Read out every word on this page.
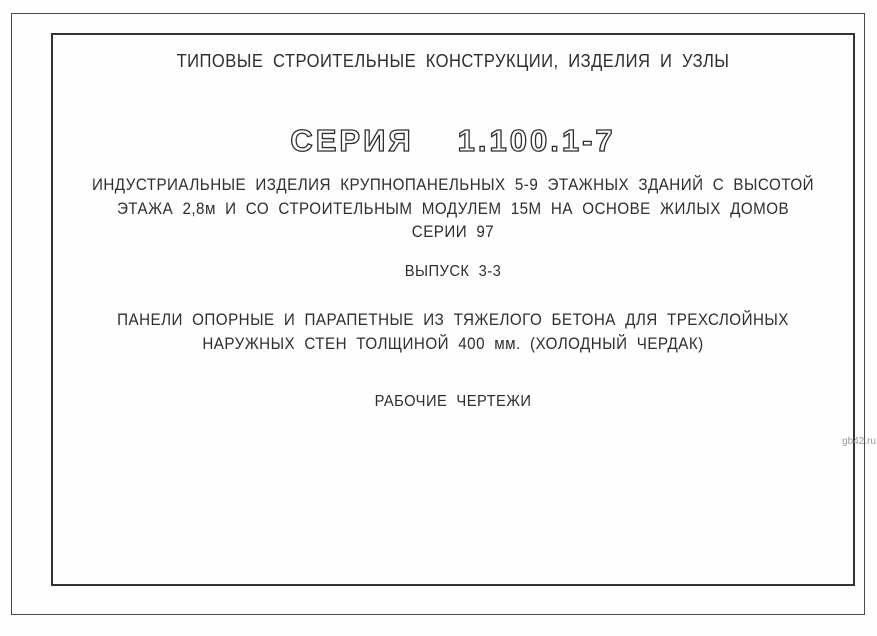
ТИПОВЫЕ СТРОИТЕЛЬНЫЕ КОНСТРУКЦИИ, ИЗДЕЛИЯ И УЗЛЫ
СЕРИЯ 1.100.1-7
ИНДУСТРИАЛЬНЫЕ ИЗДЕЛИЯ КРУПНОПАНЕЛЬНЫХ 5-9 ЭТАЖНЫХ ЗДАНИЙ С ВЫСОТОЙ
ЭТАЖА 2,8м И СО СТРОИТЕЛЬНЫМ МОДУЛЕМ 15М НА ОСНОВЕ ЖИЛЫХ ДОМОВ
СЕРИИ 97
ВЫПУСК 3-3
ПАНЕЛИ ОПОРНЫЕ И ПАРАПЕТНЫЕ ИЗ ТЯЖЕЛОГО БЕТОНА ДЛЯ ТРЕХСЛОЙНЫХ
НАРУЖНЫХ СТЕН ТОЛЩИНОЙ 400 мм. (ХОЛОДНЫЙ ЧЕРДАК)
РАБОЧИЕ ЧЕРТЕЖИ
gb42.ru
